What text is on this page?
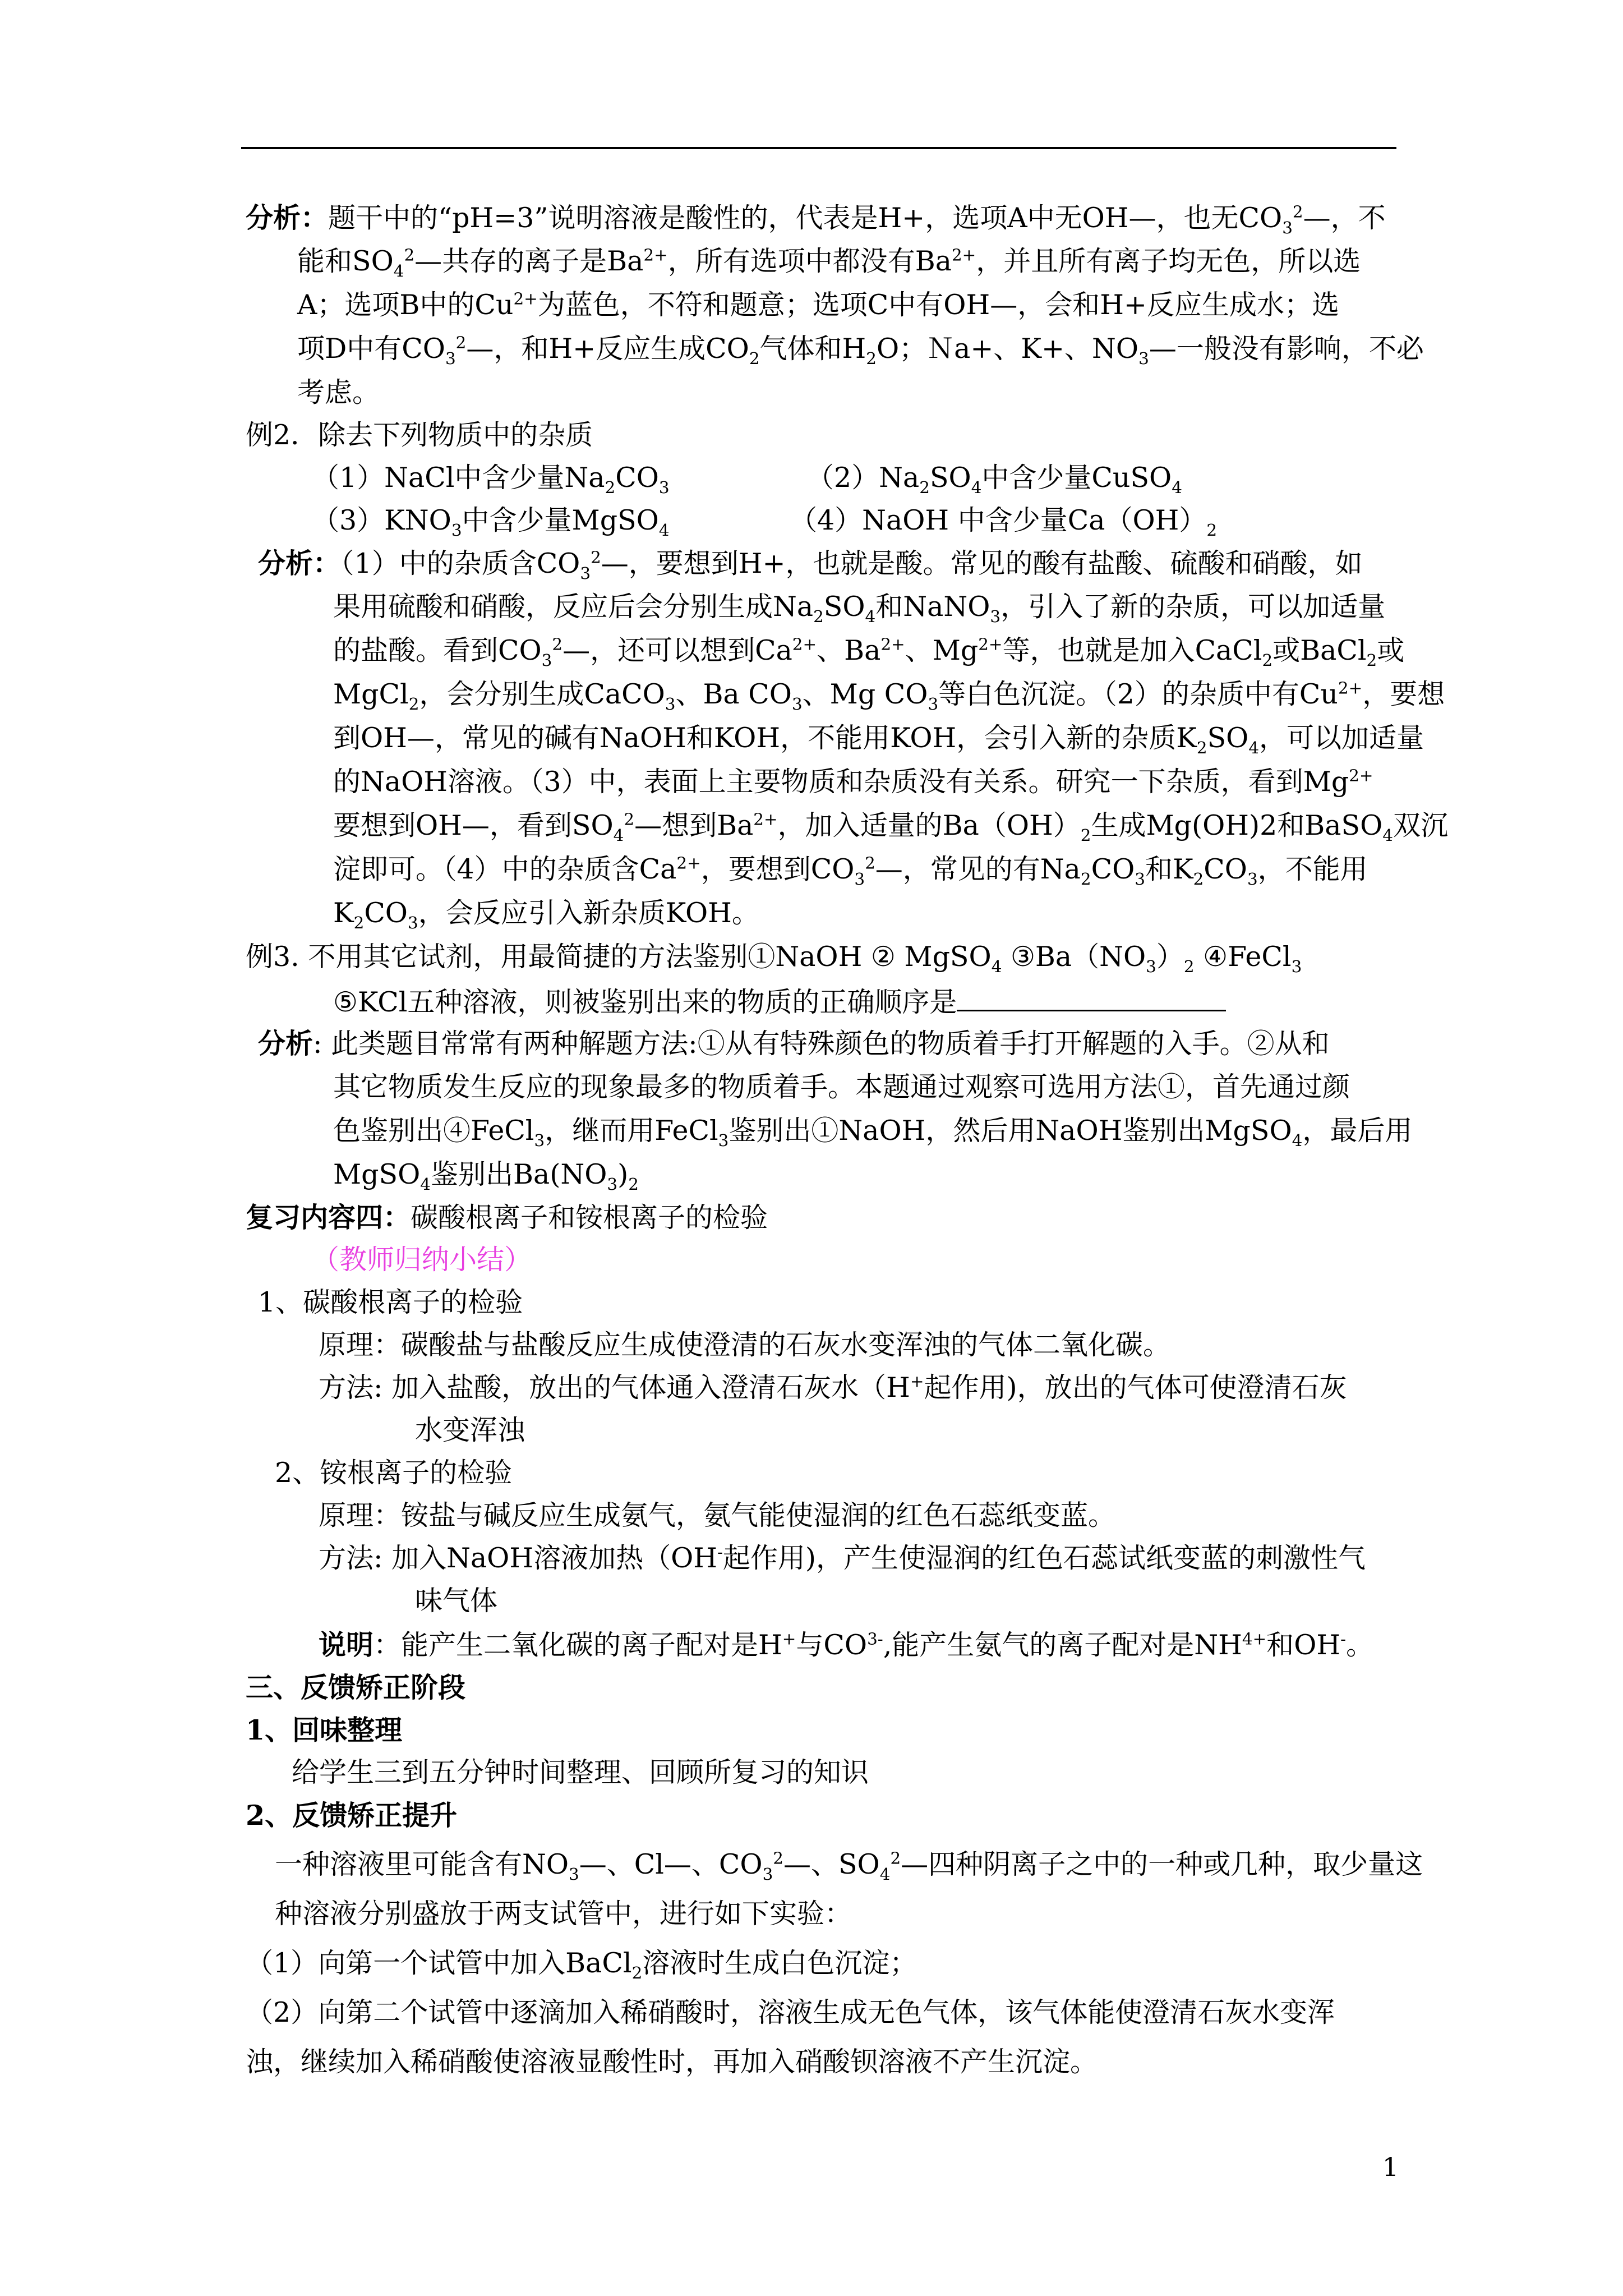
分析：题干中的“pH=3”说明溶液是酸性的，代表是H+，选项A中无OH—，也无$CO_3^2—$，不
能和$SO_4^2—$共存的离子是$Ba^{2+}$，所有选项中都没有$Ba^{2+}$，并且所有离子均无色，所以选
A；选项B中的$Cu^{2+}$为蓝色，不符和题意；选项C中有OH—，会和H+反应生成水；选
项D中有$CO_3^2—$，和H+反应生成$CO_2$气体和$H_2O$；Ｎa+、K+、$NO_3—$一般没有影响，不必
考虑。
例2．除去下列物质中的杂质
（1）NaCl中含少量$Na_2CO_3$	$(2)Na_2SO_4$中含少量CuSO$_4$
$(3)KNO_3$中含少量MgSO$_4$	（4）NaOH 中含少量$Ca(OH)_2$
分析：（1）中的杂质含$CO_3^2—$，要想到H+，也就是酸。常见的酸有盐酸、硫酸和硝酸，如
果用硫酸和硝酸，反应后会分别生成$Na_2SO_4$和NaNO$_3$，引入了新的杂质，可以加适量
的盐酸。看到$CO_3^2—$，还可以想到$Ca^{2+}$、$Ba^{2+}$、$Mg^{2+}$等，也就是加入CaCl$_2$或BaCl$_2$或
MgCl$_2$，会分别生成CaCO$_3$、Ba $CO_3$、Mg $CO_3$等白色沉淀。（2）的杂质中有$Cu^{2+}$，要想
到OH—，常见的碱有NaOH和KOH，不能用KOH，会引入新的杂质$K_2SO_4$，可以加适量
的NaOH溶液。（3）中，表面上主要物质和杂质没有关系。研究一下杂质，看到$Mg^{2+}$
要想到OH—，看到$SO_4^2—$想到$Ba^{2+}$，加入适量的$Ba(OH)_2$生成Mg(OH)2和BaSO$_4$双沉
淀即可。（4）中的杂质含$Ca^{2+}$，要想到$CO_3^2—$，常见的有$Na_2CO_3$和$K_2CO_3$，不能用
$K_2CO_3$，会反应引入新杂质KOH。
例3. 不用其它试剂，用最简捷的方法鉴别①NaOH ② MgSO$_4$ $③Ba(NO_3)_2$ ④FeCl$_3$
⑤KCl五种溶液，则被鉴别出来的物质的正确顺序是
分析: 此类题目常常有两种解题方法:①从有特殊颜色的物质着手打开解题的入手。②从和
其它物质发生反应的现象最多的物质着手。本题通过观察可选用方法①，首先通过颜
色鉴别出④FeCl$_3$，继而用FeCl$_3$鉴别出①NaOH，然后用NaOH鉴别出MgSO$_4$，最后用
MgSO$_4$鉴别出$Ba(NO_3)_2$
复习内容四：碳酸根离子和铵根离子的检验
（教师归纳小结）
1、碳酸根离子的检验
原理：碳酸盐与盐酸反应生成使澄清的石灰水变浑浊的气体二氧化碳。
方法: 加入盐酸，放出的气体通入澄清石灰水（H+起作用)，放出的气体可使澄清石灰
水变浑浊
2、铵根离子的检验
原理：铵盐与碱反应生成氨气，氨气能使湿润的红色石蕊纸变蓝。
方法: 加入NaOH溶液加热（OH-起作用)，产生使湿润的红色石蕊试纸变蓝的刺激性气
味气体
说明：能产生二氧化碳的离子配对是H+与$CO^{3-}$,能产生氨气的离子配对是$NH^{4+}$和OH-。
三、反馈矫正阶段
1、回味整理
给学生三到五分钟时间整理、回顾所复习的知识
2、反馈矫正提升
一种溶液里可能含有$NO_3—$、Cl—、$CO_3^2—$、$SO_4^2—$四种阴离子之中的一种或几种，取少量这
种溶液分别盛放于两支试管中，进行如下实验：
（1）向第一个试管中加入BaCl$_2$溶液时生成白色沉淀；
（2）向第二个试管中逐滴加入稀硝酸时，溶液生成无色气体，该气体能使澄清石灰水变浑
浊，继续加入稀硝酸使溶液显酸性时，再加入硝酸钡溶液不产生沉淀。
1
